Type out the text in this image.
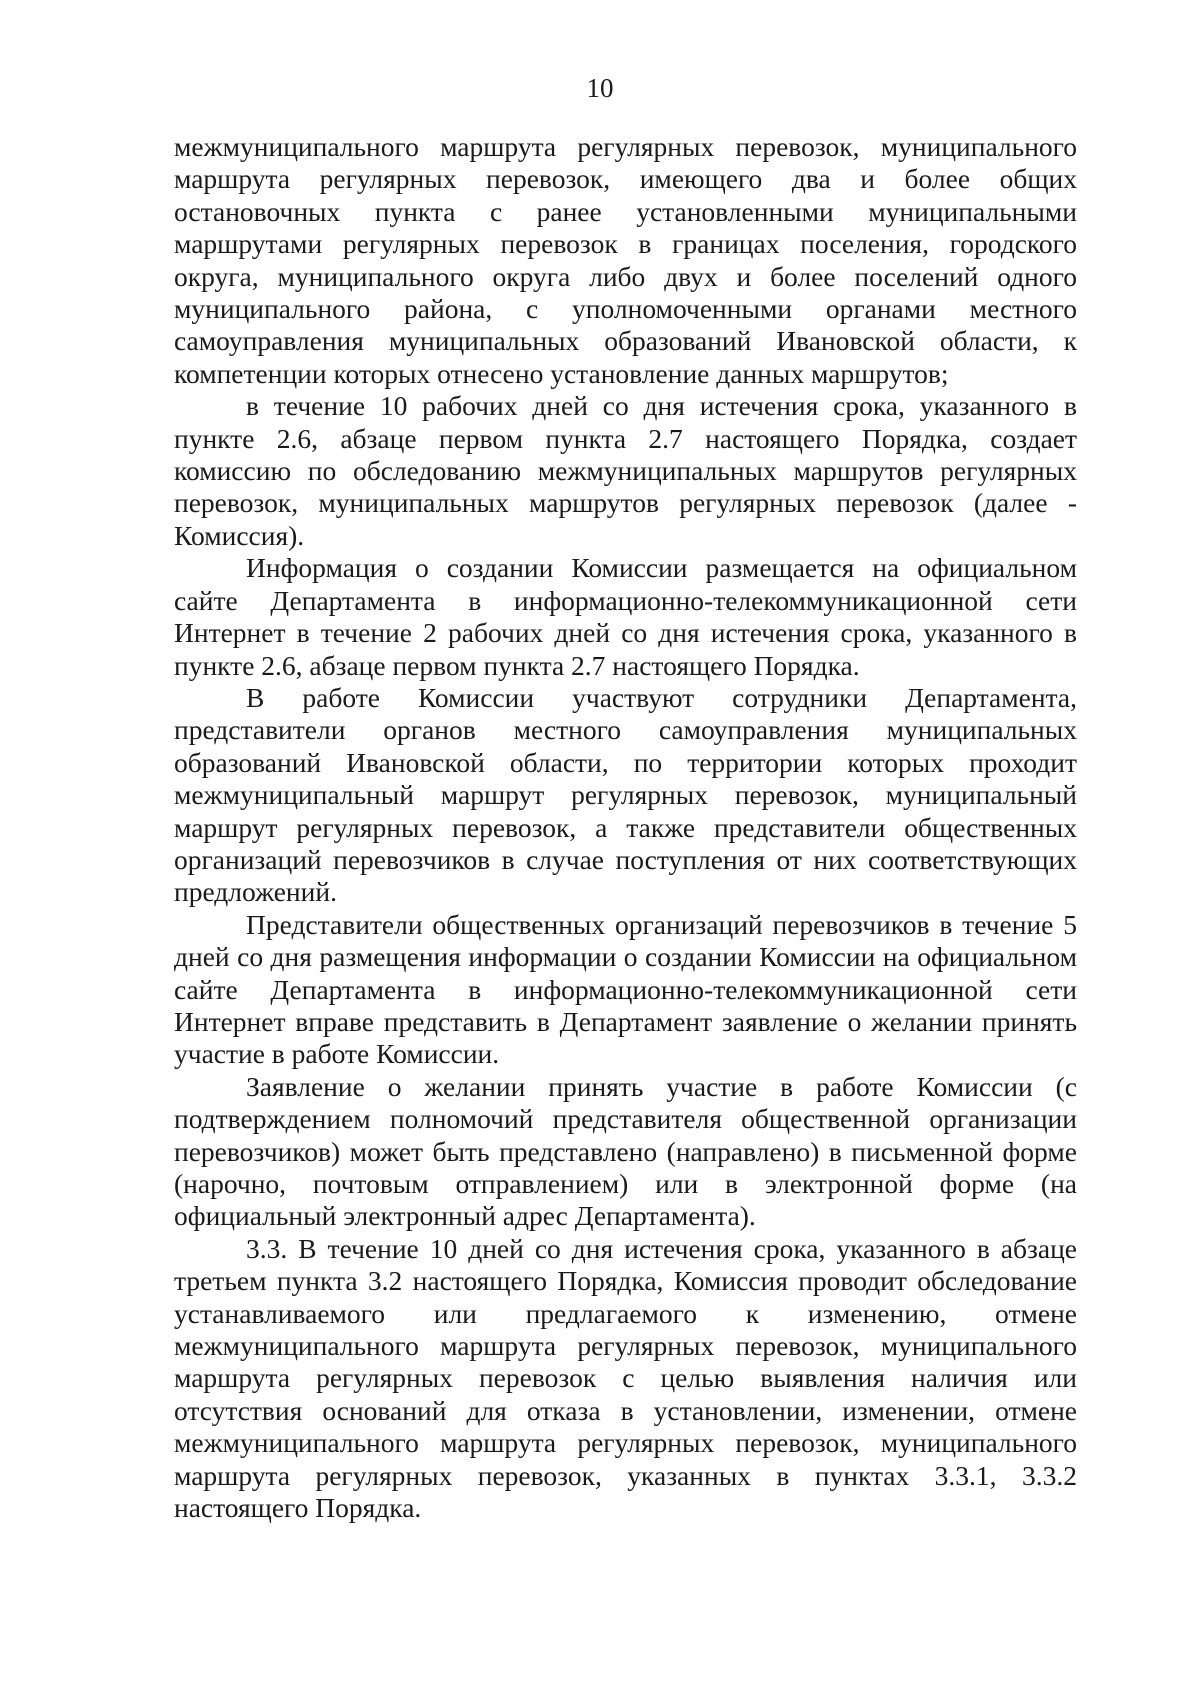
10

межмуниципального маршрута регулярных перевозок, муниципального маршрута регулярных перевозок, имеющего два и более общих остановочных пункта с ранее установленными муниципальными маршрутами регулярных перевозок в границах поселения, городского округа, муниципального округа либо двух и более поселений одного муниципального района, с уполномоченными органами местного самоуправления муниципальных образований Ивановской области, к компетенции которых отнесено установление данных маршрутов;

в течение 10 рабочих дней со дня истечения срока, указанного в пункте 2.6, абзаце первом пункта 2.7 настоящего Порядка, создает комиссию по обследованию межмуниципальных маршрутов регулярных перевозок, муниципальных маршрутов регулярных перевозок (далее - Комиссия).

Информация о создании Комиссии размещается на официальном сайте Департамента в информационно-телекоммуникационной сети Интернет в течение 2 рабочих дней со дня истечения срока, указанного в пункте 2.6, абзаце первом пункта 2.7 настоящего Порядка.

В работе Комиссии участвуют сотрудники Департамента, представители органов местного самоуправления муниципальных образований Ивановской области, по территории которых проходит межмуниципальный маршрут регулярных перевозок, муниципальный маршрут регулярных перевозок, а также представители общественных организаций перевозчиков в случае поступления от них соответствующих предложений.

Представители общественных организаций перевозчиков в течение 5 дней со дня размещения информации о создании Комиссии на официальном сайте Департамента в информационно-телекоммуникационной сети Интернет вправе представить в Департамент заявление о желании принять участие в работе Комиссии.

Заявление о желании принять участие в работе Комиссии (с подтверждением полномочий представителя общественной организации перевозчиков) может быть представлено (направлено) в письменной форме (нарочно, почтовым отправлением) или в электронной форме (на официальный электронный адрес Департамента).

3.3. В течение 10 дней со дня истечения срока, указанного в абзаце третьем пункта 3.2 настоящего Порядка, Комиссия проводит обследование устанавливаемого или предлагаемого к изменению, отмене межмуниципального маршрута регулярных перевозок, муниципального маршрута регулярных перевозок с целью выявления наличия или отсутствия оснований для отказа в установлении, изменении, отмене межмуниципального маршрута регулярных перевозок, муниципального маршрута регулярных перевозок, указанных в пунктах 3.3.1, 3.3.2 настоящего Порядка.
